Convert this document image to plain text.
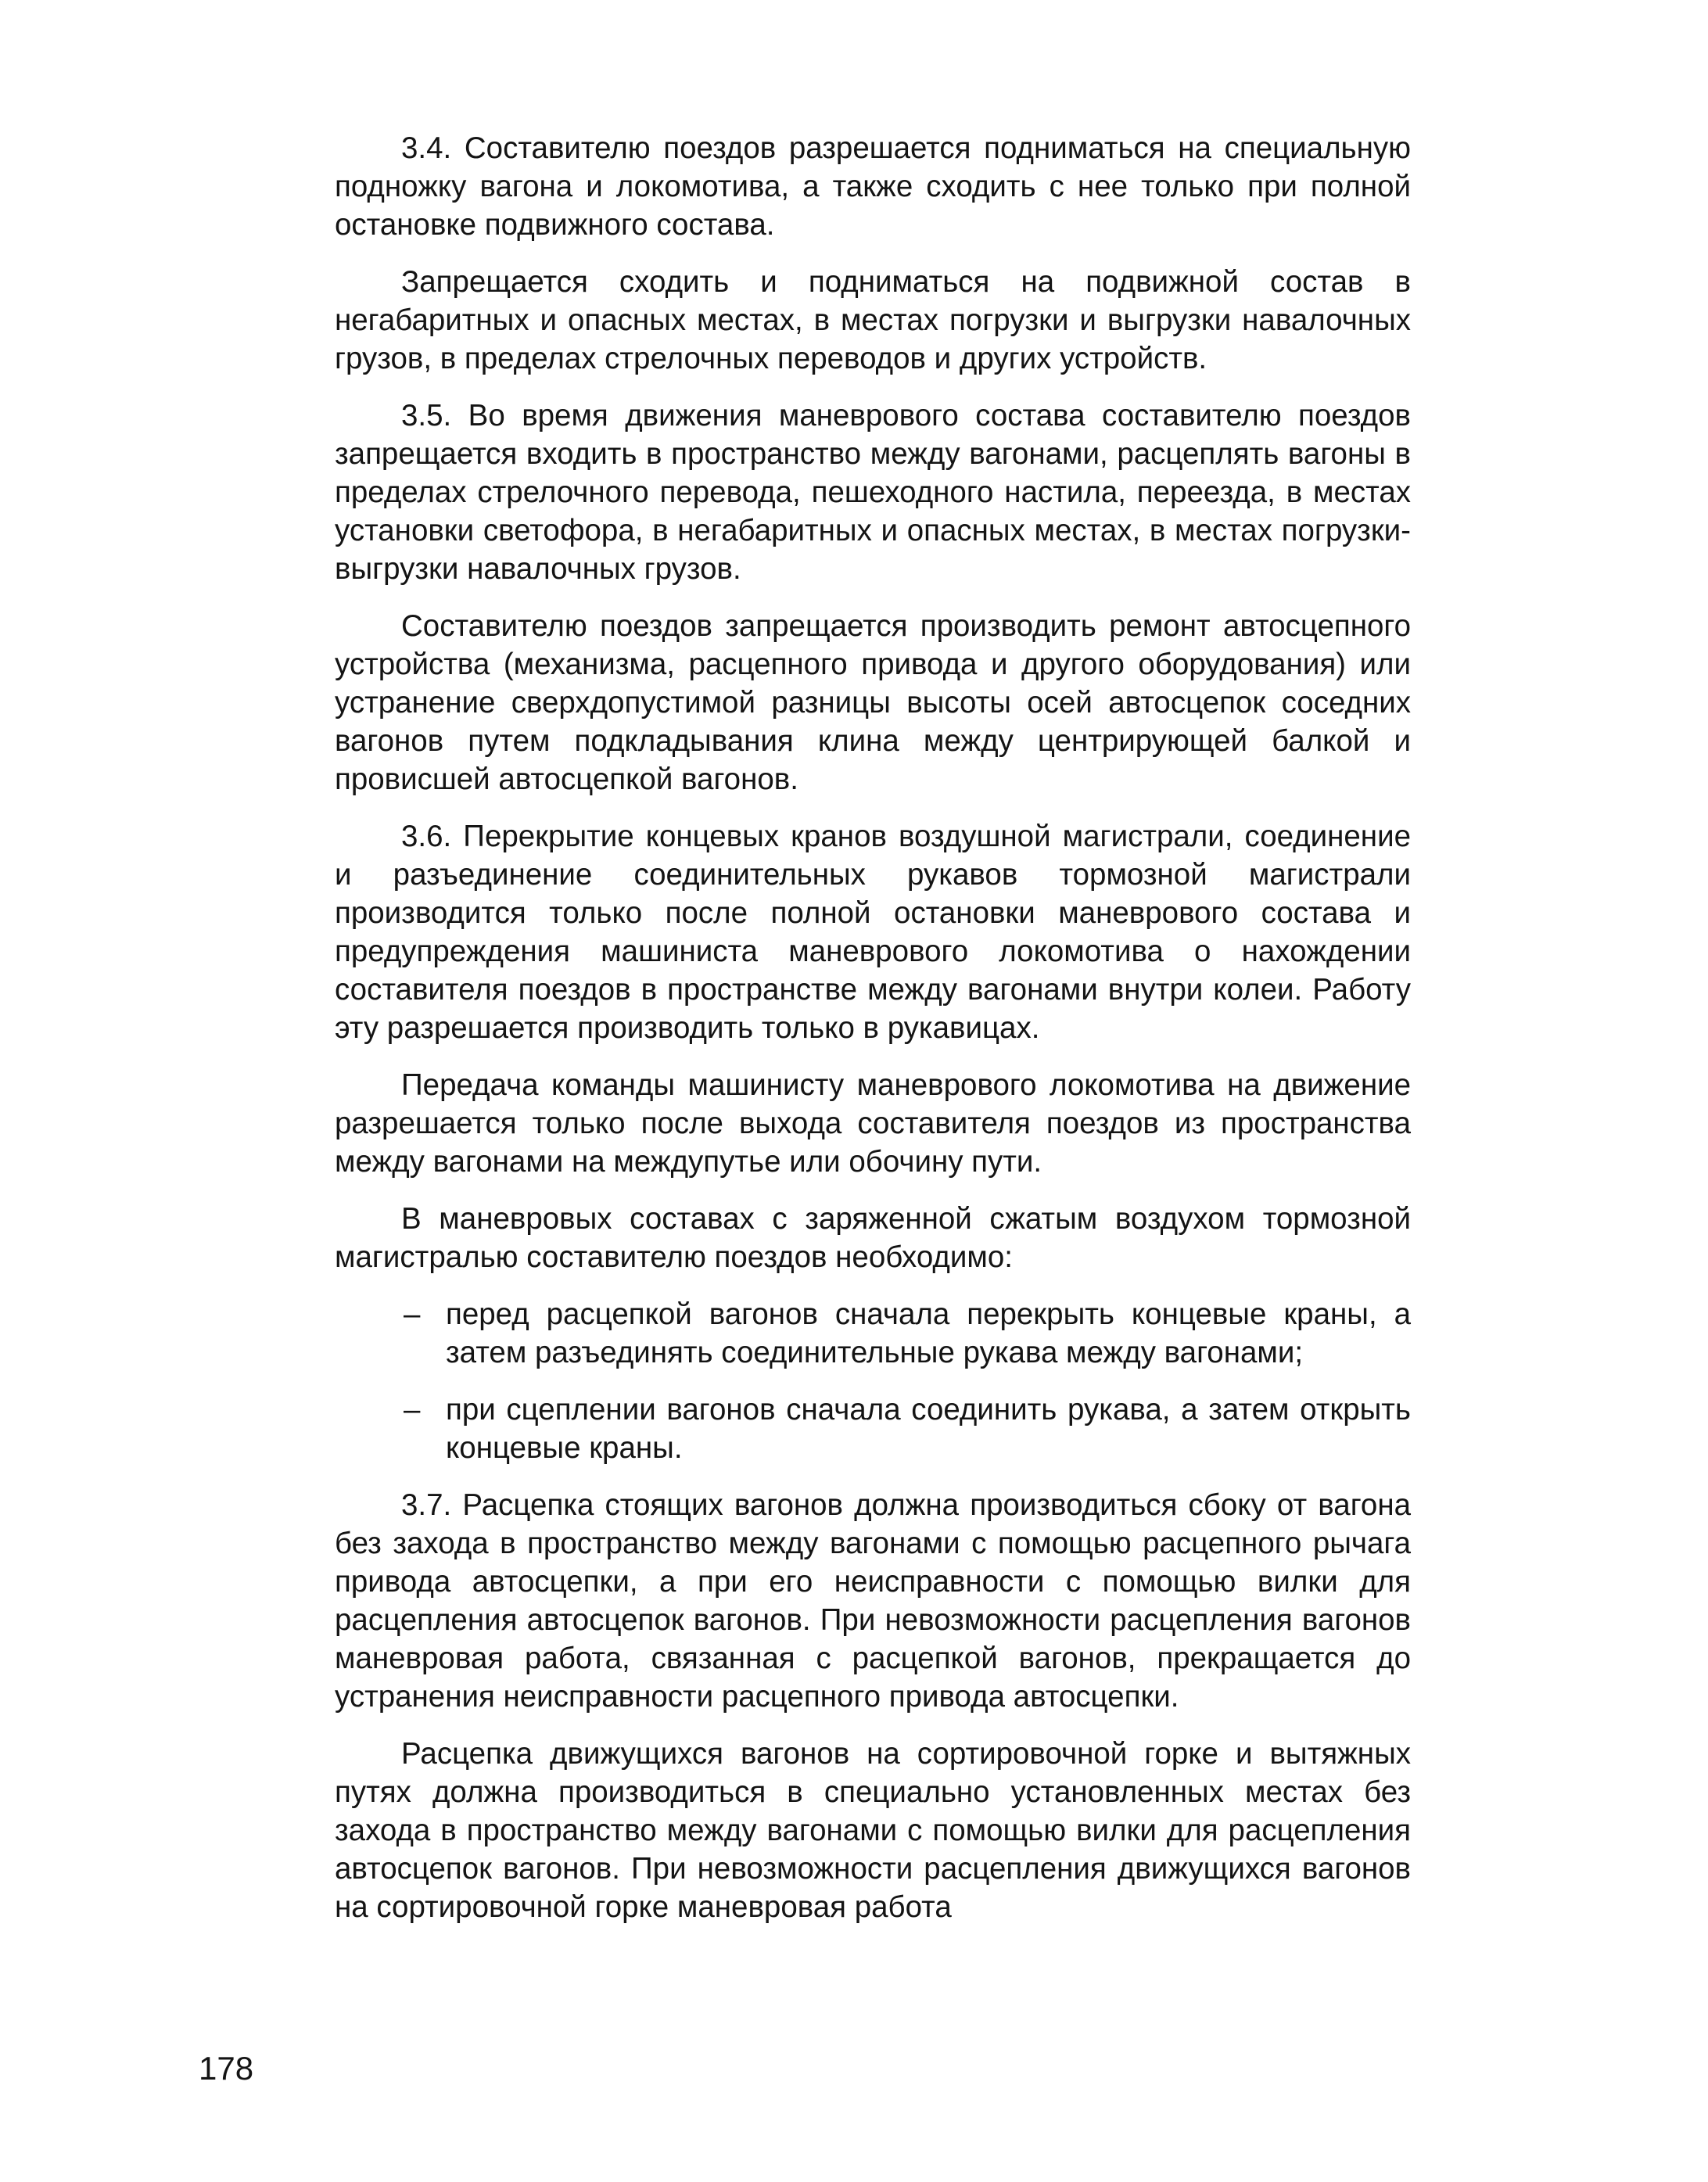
3.4. Составителю поездов разрешается подниматься на специальную подножку вагона и локомотива, а также сходить с нее только при полной остановке подвижного состава.

Запрещается сходить и подниматься на подвижной состав в негабаритных и опасных местах, в местах погрузки и выгрузки навалочных грузов, в пределах стрелочных переводов и других устройств.

3.5. Во время движения маневрового состава составителю поездов запрещается входить в пространство между вагонами, расцеплять вагоны в пределах стрелочного перевода, пешеходного настила, переезда, в местах установки светофора, в негабаритных и опасных местах, в местах погрузки-выгрузки навалочных грузов.

Составителю поездов запрещается производить ремонт автосцепного устройства (механизма, расцепного привода и другого оборудования) или устранение сверхдопустимой разницы высоты осей автосцепок соседних вагонов путем подкладывания клина между центрирующей балкой и провисшей автосцепкой вагонов.

3.6. Перекрытие концевых кранов воздушной магистрали, соединение и разъединение соединительных рукавов тормозной магистрали производится только после полной остановки маневрового состава и предупреждения машиниста маневрового локомотива о нахождении составителя поездов в пространстве между вагонами внутри колеи. Работу эту разрешается производить только в рукавицах.

Передача команды машинисту маневрового локомотива на движение разрешается только после выхода составителя поездов из пространства между вагонами на междупутье или обочину пути.

В маневровых составах с заряженной сжатым воздухом тормозной магистралью составителю поездов необходимо:

– перед расцепкой вагонов сначала перекрыть концевые краны, а затем разъединять соединительные рукава между вагонами;
– при сцеплении вагонов сначала соединить рукава, а затем открыть концевые краны.

3.7. Расцепка стоящих вагонов должна производиться сбоку от вагона без захода в пространство между вагонами с помощью расцепного рычага привода автосцепки, а при его неисправности с помощью вилки для расцепления автосцепок вагонов. При невозможности расцепления вагонов маневровая работа, связанная с расцепкой вагонов, прекращается до устранения неисправности расцепного привода автосцепки.

Расцепка движущихся вагонов на сортировочной горке и вытяжных путях должна производиться в специально установленных местах без захода в пространство между вагонами с помощью вилки для расцепления автосцепок вагонов. При невозможности расцепления движущихся вагонов на сортировочной горке маневровая работа

178
